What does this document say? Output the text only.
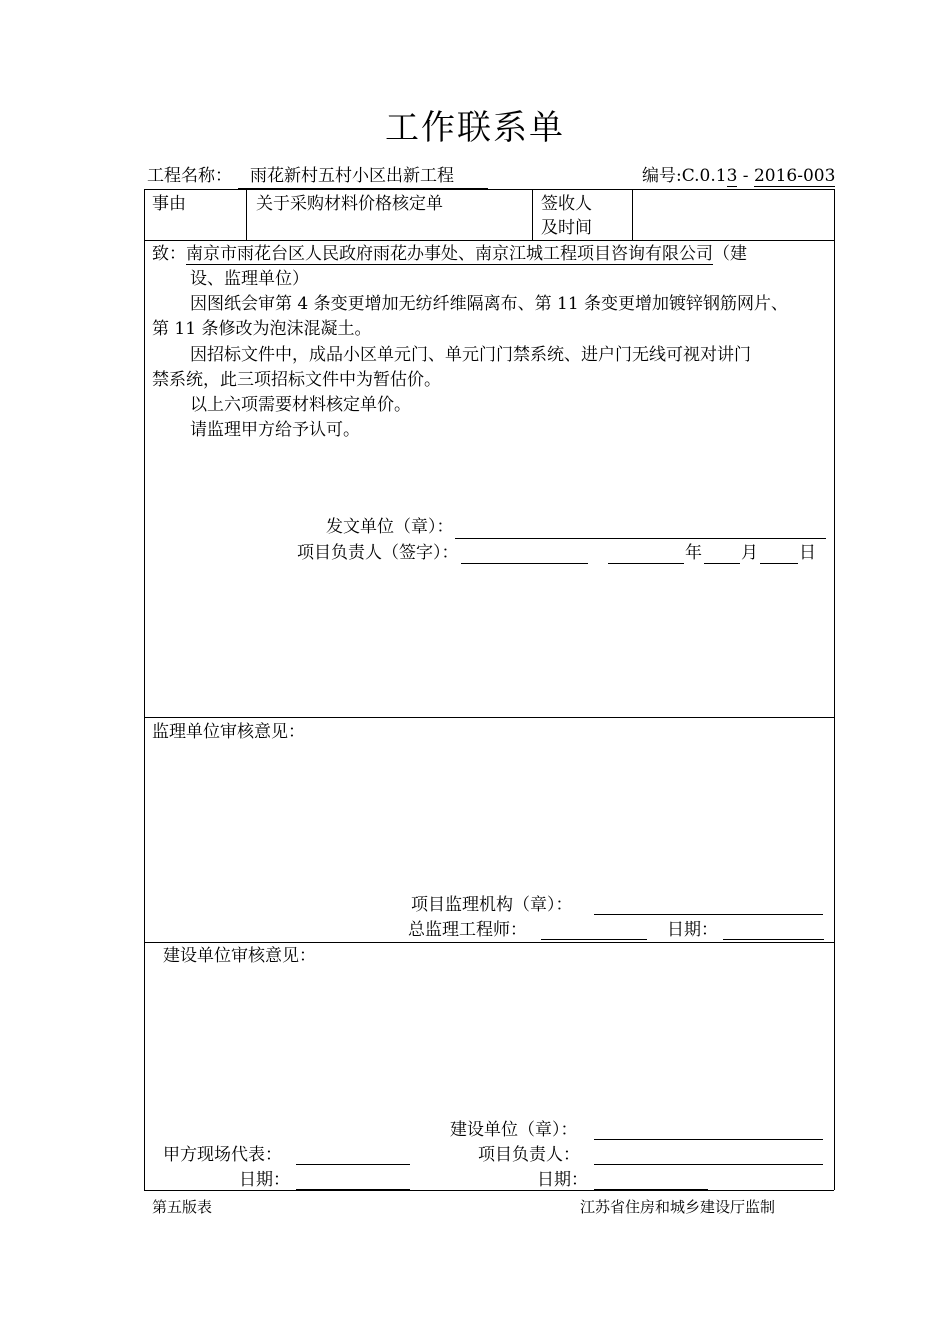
工作联系单
工程名称：	雨花新村五村小区出新工程	编号:C.0.13 - 2016-003
事由	关于采购材料价格核定单	签收人
及时间
致：南京市雨花台区人民政府雨花办事处、南京江城工程项目咨询有限公司（建
设、监理单位）
因图纸会审第 4 条变更增加无纺纤维隔离布、第 11 条变更增加镀锌钢筋网片、
第 11 条修改为泡沫混凝土。
因招标文件中，成品小区单元门、单元门门禁系统、进户门无线可视对讲门
禁系统，此三项招标文件中为暂估价。
以上六项需要材料核定单价。
请监理甲方给予认可。
发文单位（章）：
项目负责人（签字）：	年 月 日
监理单位审核意见：
项目监理机构（章）：
总监理工程师：	日期：
建设单位审核意见：
建设单位（章）：
甲方现场代表：	项目负责人：
日期：	日期：
第五版表	江苏省住房和城乡建设厅监制
